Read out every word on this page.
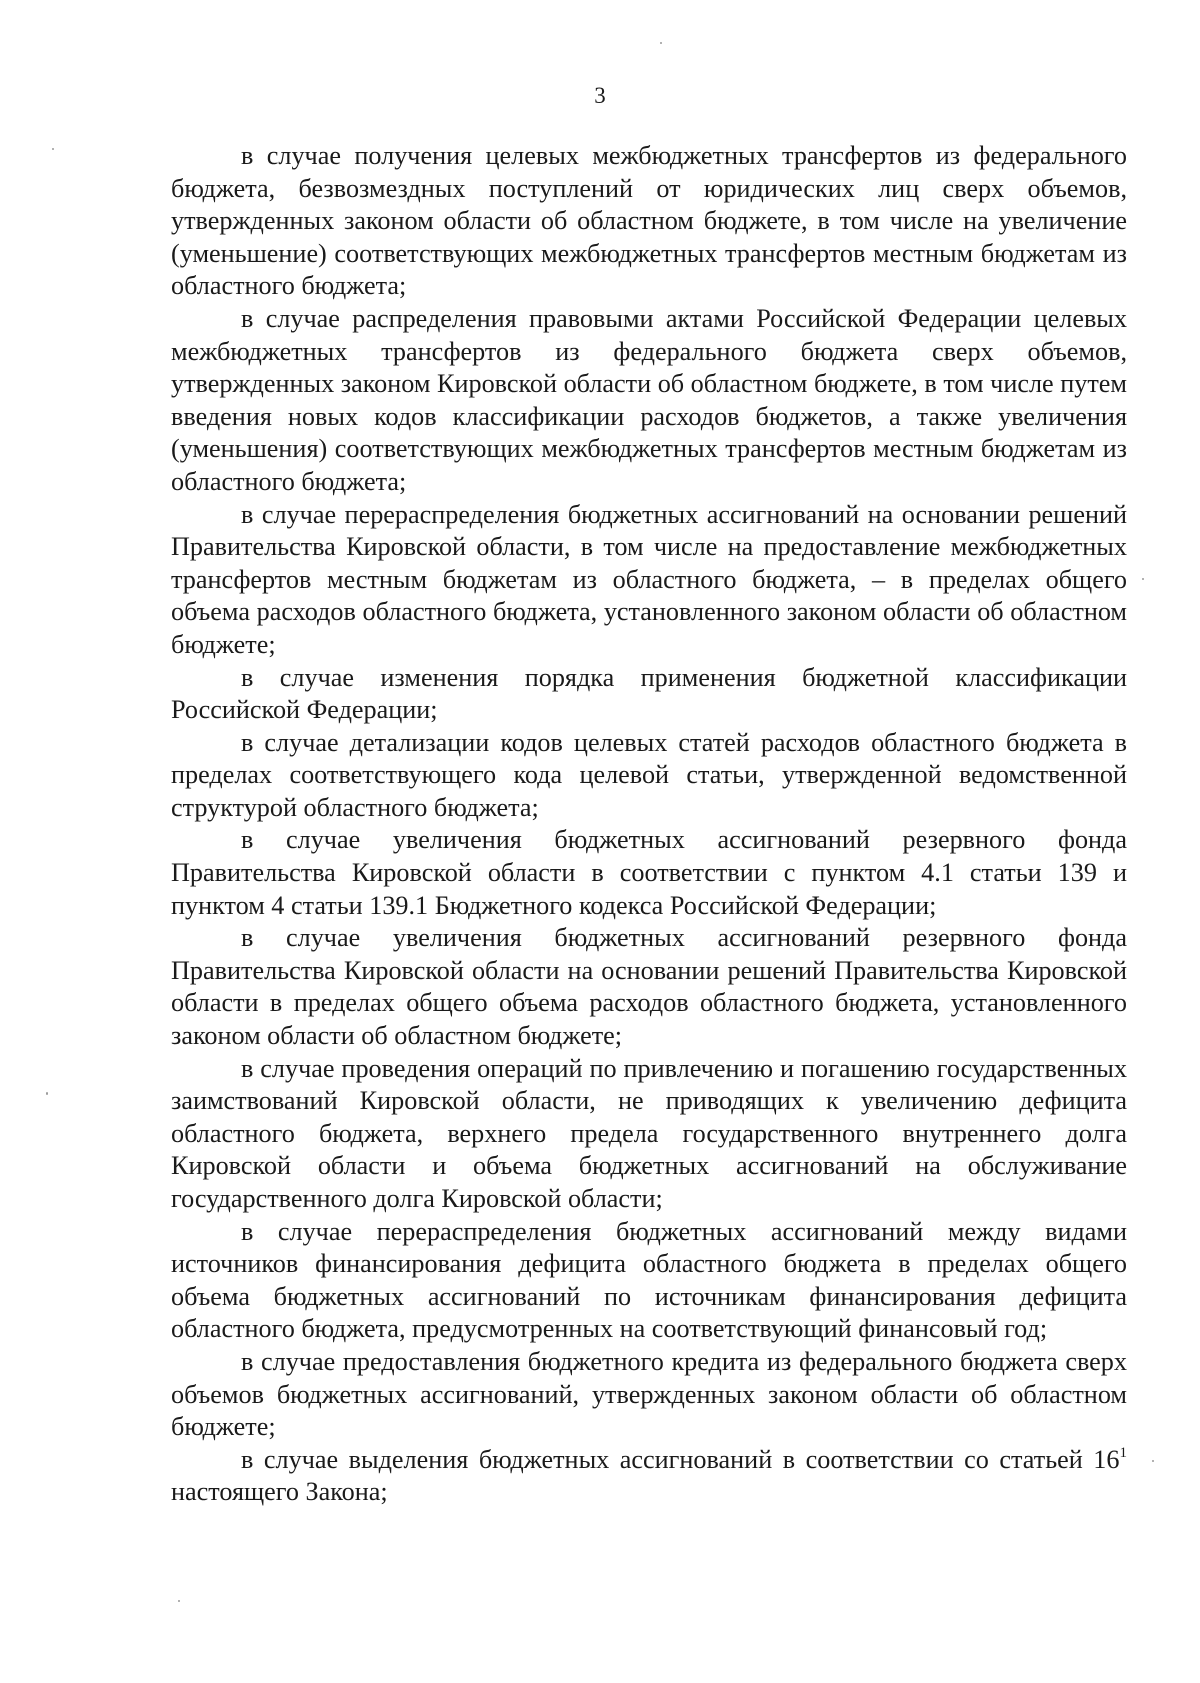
3

в случае получения целевых межбюджетных трансфертов из федерального бюджета, безвозмездных поступлений от юридических лиц сверх объемов, утвержденных законом области об областном бюджете, в том числе на увеличение (уменьшение) соответствующих межбюджетных трансфертов местным бюджетам из областного бюджета;

в случае распределения правовыми актами Российской Федерации целевых межбюджетных трансфертов из федерального бюджета сверх объемов, утвержденных законом Кировской области об областном бюджете, в том числе путем введения новых кодов классификации расходов бюджетов, а также увеличения (уменьшения) соответствующих межбюджетных трансфертов местным бюджетам из областного бюджета;

в случае перераспределения бюджетных ассигнований на основании решений Правительства Кировской области, в том числе на предоставление межбюджетных трансфертов местным бюджетам из областного бюджета, – в пределах общего объема расходов областного бюджета, установленного законом области об областном бюджете;

в случае изменения порядка применения бюджетной классификации Российской Федерации;

в случае детализации кодов целевых статей расходов областного бюджета в пределах соответствующего кода целевой статьи, утвержденной ведомственной структурой областного бюджета;

в случае увеличения бюджетных ассигнований резервного фонда Правительства Кировской области в соответствии с пунктом 4.1 статьи 139 и пунктом 4 статьи 139.1 Бюджетного кодекса Российской Федерации;

в случае увеличения бюджетных ассигнований резервного фонда Правительства Кировской области на основании решений Правительства Кировской области в пределах общего объема расходов областного бюджета, установленного законом области об областном бюджете;

в случае проведения операций по привлечению и погашению государственных заимствований Кировской области, не приводящих к увеличению дефицита областного бюджета, верхнего предела государственного внутреннего долга Кировской области и объема бюджетных ассигнований на обслуживание государственного долга Кировской области;

в случае перераспределения бюджетных ассигнований между видами источников финансирования дефицита областного бюджета в пределах общего объема бюджетных ассигнований по источникам финансирования дефицита областного бюджета, предусмотренных на соответствующий финансовый год;

в случае предоставления бюджетного кредита из федерального бюджета сверх объемов бюджетных ассигнований, утвержденных законом области об областном бюджете;

в случае выделения бюджетных ассигнований в соответствии со статьей $16^1$ настоящего Закона;
